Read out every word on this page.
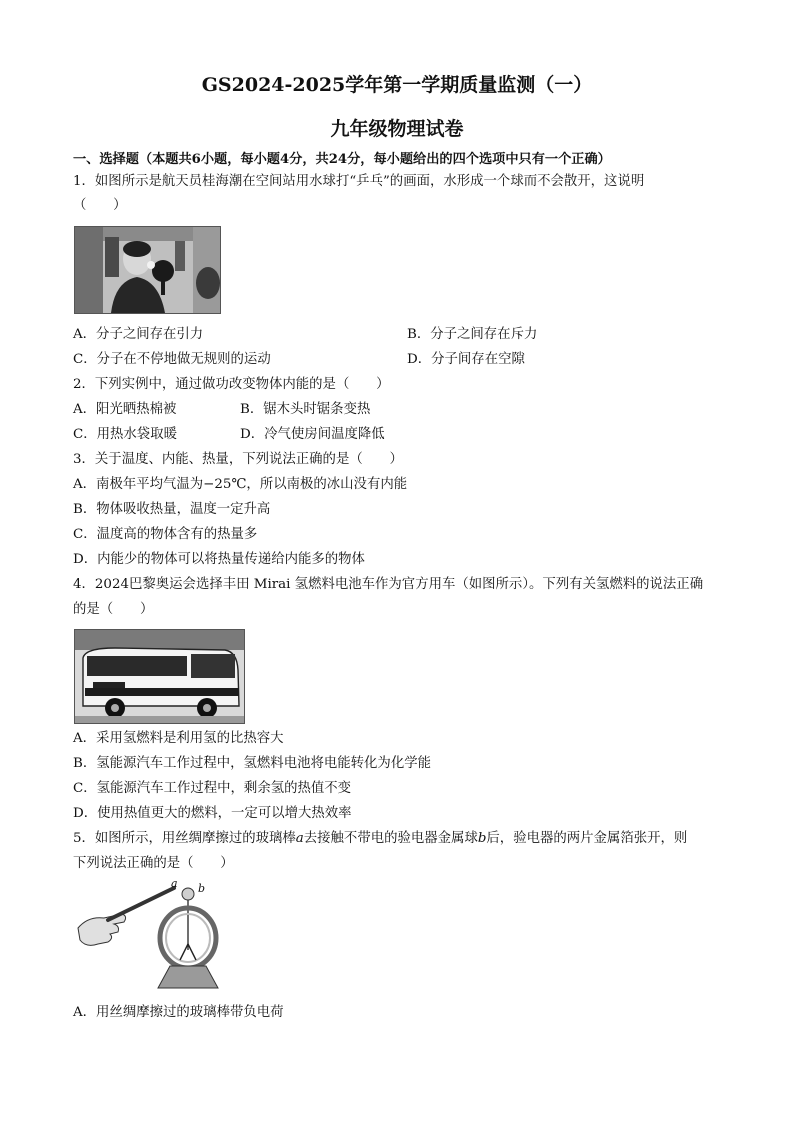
GS2024-2025学年第一学期质量监测（一）
九年级物理试卷
一、选择题（本题共6小题，每小题4分，共24分，每小题给出的四个选项中只有一个正确）
1．如图所示是航天员桂海潮在空间站用水球打“乒乓”的画面，水形成一个球而不会散开，这说明
（　　）
A．分子之间存在引力	B．分子之间存在斥力
C．分子在不停地做无规则的运动	D．分子间存在空隙
2．下列实例中，通过做功改变物体内能的是（　　）
A．阳光晒热棉被	B．锯木头时锯条变热
C．用热水袋取暖	D．冷气使房间温度降低
3．关于温度、内能、热量，下列说法正确的是（　　）
A．南极年平均气温为−25℃，所以南极的冰山没有内能
B．物体吸收热量，温度一定升高
C．温度高的物体含有的热量多
D．内能少的物体可以将热量传递给内能多的物体
4．2024巴黎奥运会选择丰田 Mirai 氢燃料电池车作为官方用车（如图所示）。下列有关氢燃料的说法正确
的是（　　）
A．采用氢燃料是利用氢的比热容大
B．氢能源汽车工作过程中，氢燃料电池将电能转化为化学能
C．氢能源汽车工作过程中，剩余氢的热值不变
D．使用热值更大的燃料，一定可以增大热效率
5．如图所示，用丝绸摩擦过的玻璃棒a去接触不带电的验电器金属球b后，验电器的两片金属箔张开，则
下列说法正确的是（　　）
a b
A．用丝绸摩擦过的玻璃棒带负电荷
